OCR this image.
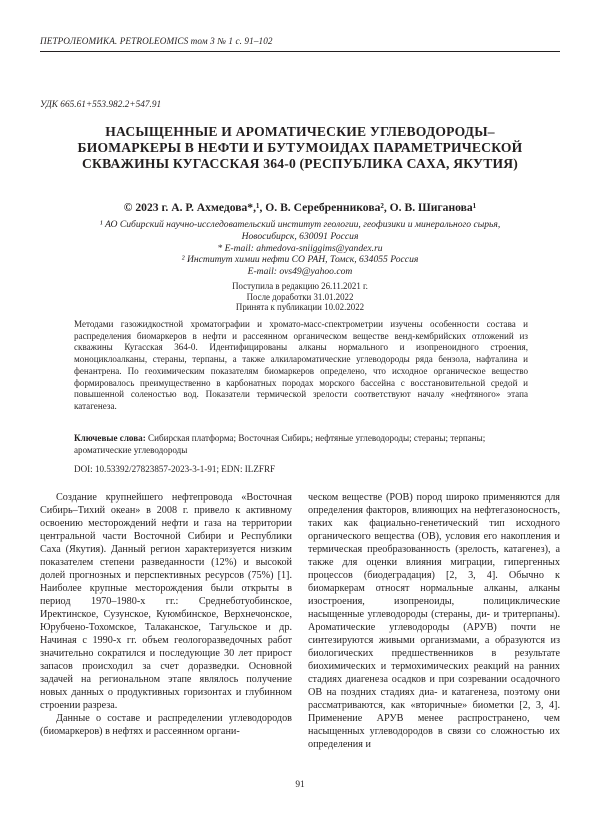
ПЕТРОЛЕОМИКА. PETROLEOMICS том 3 № 1 с. 91–102
УДК 665.61+553.982.2+547.91
НАСЫЩЕННЫЕ И АРОМАТИЧЕСКИЕ УГЛЕВОДОРОДЫ–БИОМАРКЕРЫ В НЕФТИ И БУТУМОИДАХ ПАРАМЕТРИЧЕСКОЙ СКВАЖИНЫ КУГАССКАЯ 364-0 (РЕСПУБЛИКА САХА, ЯКУТИЯ)
© 2023 г. А. Р. Ахмедова*,¹, О. В. Серебренникова², О. В. Шиганова¹
¹ АО Сибирский научно-исследовательский институт геологии, геофизики и минерального сырья, Новосибирск, 630091 Россия
* E-mail: ahmedova-sniiggims@yandex.ru
² Институт химии нефти СО РАН, Томск, 634055 Россия
E-mail: ovs49@yahoo.com
Поступила в редакцию 26.11.2021 г.
После доработки 31.01.2022
Принята к публикации 10.02.2022
Методами газожидкостной хроматографии и хромато-масс-спектрометрии изучены особенности состава и распределения биомаркеров в нефти и рассеянном органическом веществе венд-кембрийских отложений из скважины Кугасская 364-0. Идентифицированы алканы нормального и изопреноидного строения, моноциклоалканы, стераны, терпаны, а также алкилароматические углеводороды ряда бензола, нафталина и фенантрена. По геохимическим показателям биомаркеров определено, что исходное органическое вещество формировалось преимущественно в карбонатных породах морского бассейна с восстановительной средой и повышенной соленостью вод. Показатели термической зрелости соответствуют началу «нефтяного» этапа катагенеза.
Ключевые слова: Сибирская платформа; Восточная Сибирь; нефтяные углеводороды; стераны; терпаны; ароматические углеводороды
DOI: 10.53392/27823857-2023-3-1-91; EDN: ILZFRF

Создание крупнейшего нефтепровода «Восточная Сибирь–Тихий океан» в 2008 г. привело к активному освоению месторождений нефти и газа на территории центральной части Восточной Сибири и Республики Саха (Якутия). Данный регион характеризуется низким показателем степени разведанности (12%) и высокой долей прогнозных и перспективных ресурсов (75%) [1]. Наиболее крупные месторождения были открыты в период 1970–1980-х гг.: Среднеботуобинское, Иректинское, Сузунское, Куюмбинское, Верхнечонское, Юрубчено-Тохомское, Талаканское, Тагульское и др. Начиная с 1990-х гг. объем геологоразведочных работ значительно сократился и последующие 30 лет прирост запасов происходил за счет доразведки. Основной задачей на региональном этапе являлось получение новых данных о продуктивных горизонтах и глубинном строении разреза.

Данные о составе и распределении углеводородов (биомаркеров) в нефтях и рассеянном органи-

ческом веществе (РОВ) пород широко применяются для определения факторов, влияющих на нефтегазоносность, таких как фациально-генетический тип исходного органического вещества (ОВ), условия его накопления и термическая преобразованность (зрелость, катагенез), а также для оценки влияния миграции, гипергенных процессов (биодеградация) [2, 3, 4]. Обычно к биомаркерам относят нормальные алканы, алканы изостроения, изопреноиды, полициклические насыщенные углеводороды (стераны, ди- и тритерпаны). Ароматические углеводороды (АРУВ) почти не синтезируются живыми организмами, а образуются из биологических предшественников в результате биохимических и термохимических реакций на ранних стадиях диагенеза осадков и при созревании осадочного ОВ на поздних стадиях диа- и катагенеза, поэтому они рассматриваются, как «вторичные» биометки [2, 3, 4]. Применение АРУВ менее распространено, чем насыщенных углеводородов в связи со сложностью их определения и

91
